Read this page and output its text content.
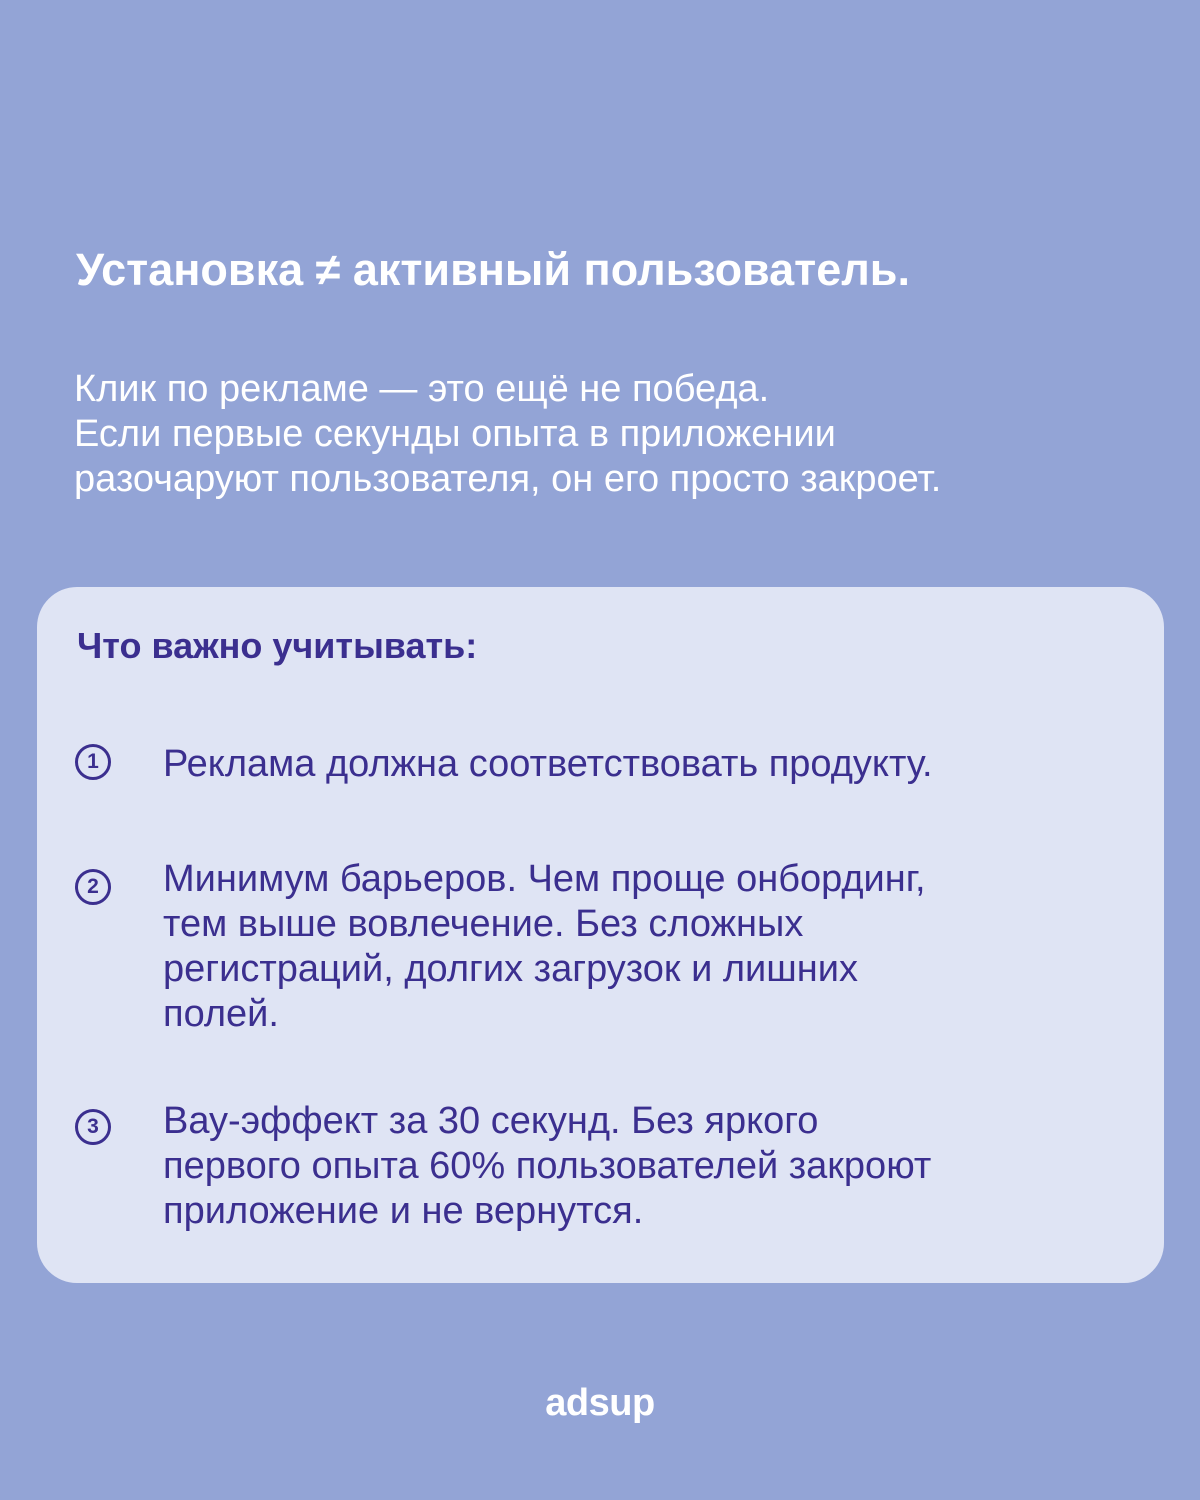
Установка ≠ активный пользователь.

Клик по рекламе — это ещё не победа.
Если первые секунды опыта в приложении
разочаруют пользователя, он его просто закроет.

Что важно учитывать:
1	Реклама должна соответствовать продукту.
2	Минимум барьеров. Чем проще онбординг,
тем выше вовлечение. Без сложных
регистраций, долгих загрузок и лишних
полей.
3	Вау-эффект за 30 секунд. Без яркого
первого опыта 60% пользователей закроют
приложение и не вернутся.
adsup
